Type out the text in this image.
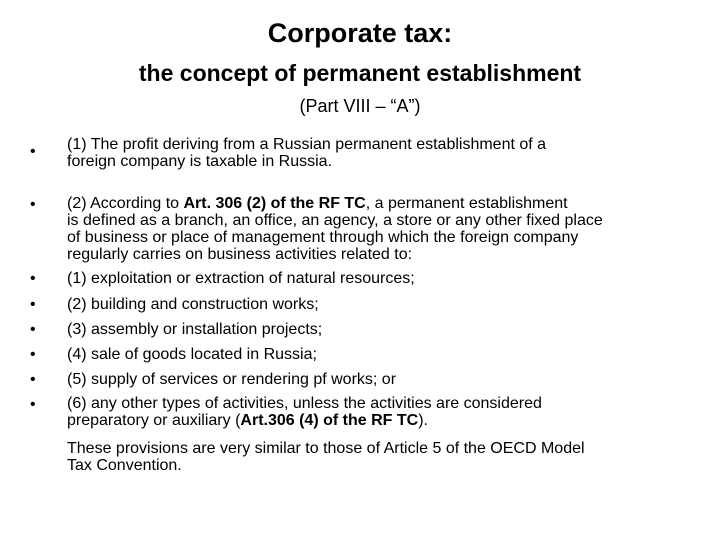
Corporate tax:
the concept of permanent establishment
(Part VIII – “A”)
• (1) The profit deriving from a Russian permanent establishment of a
foreign company is taxable in Russia.
• (2) According to Art. 306 (2) of the RF TC, a permanent establishment
is defined as a branch, an office, an agency, a store or any other fixed place
of business or place of management through which the foreign company
regularly carries on business activities related to:
• (1) exploitation or extraction of natural resources;
• (2) building and construction works;
• (3) assembly or installation projects;
• (4) sale of goods located in Russia;
• (5) supply of services or rendering pf works; or
• (6) any other types of activities, unless the activities are considered
preparatory or auxiliary (Art.306 (4) of the RF TC).
These provisions are very similar to those of Article 5 of the OECD Model
Tax Convention.
